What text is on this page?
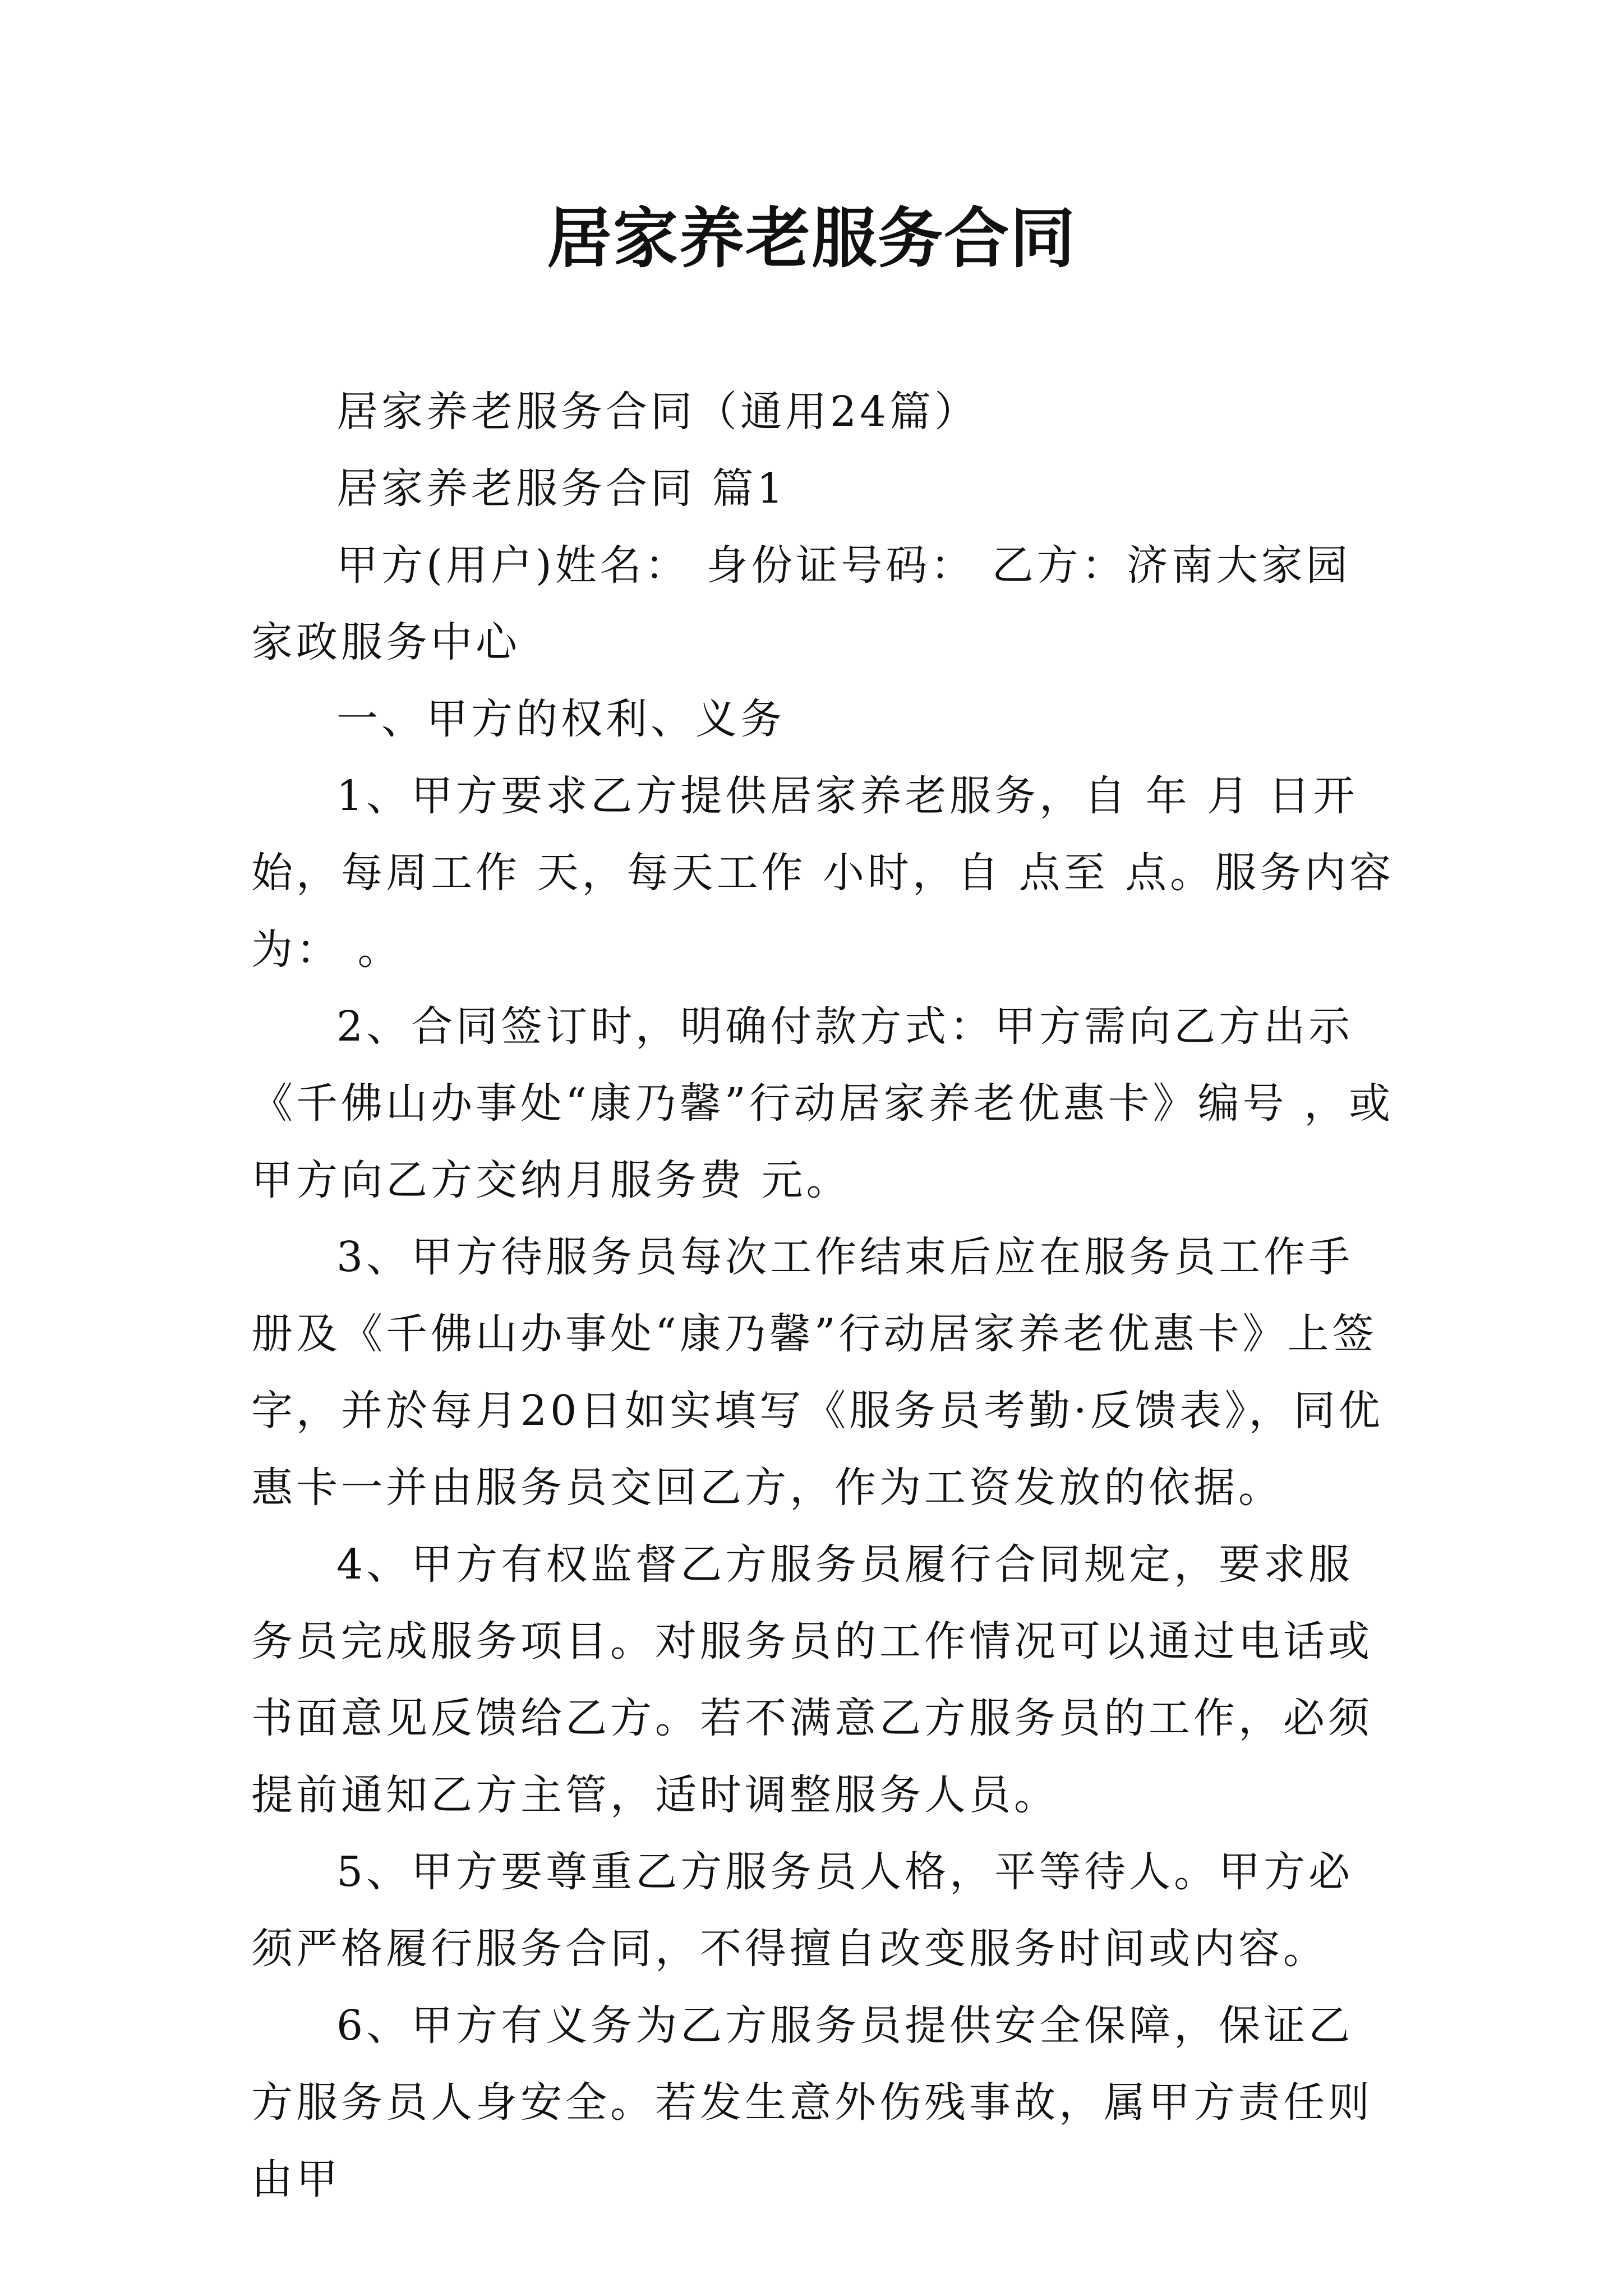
居家养老服务合同

居家养老服务合同（通用24篇）

居家养老服务合同 篇1

甲方(用户)姓名： 身份证号码： 乙方：济南大家园家政服务中心

一、甲方的权利、义务

1、甲方要求乙方提供居家养老服务，自 年 月 日开始，每周工作 天，每天工作 小时，自 点至 点。服务内容为： 。

2、合同签订时，明确付款方式：甲方需向乙方出示《千佛山办事处“康乃馨”行动居家养老优惠卡》编号 ，或甲方向乙方交纳月服务费 元。

3、甲方待服务员每次工作结束后应在服务员工作手册及《千佛山办事处“康乃馨”行动居家养老优惠卡》上签字，并於每月20日如实填写《服务员考勤·反馈表》，同优惠卡一并由服务员交回乙方，作为工资发放的依据。

4、甲方有权监督乙方服务员履行合同规定，要求服务员完成服务项目。对服务员的工作情况可以通过电话或书面意见反馈给乙方。若不满意乙方服务员的工作，必须提前通知乙方主管，适时调整服务人员。

5、甲方要尊重乙方服务员人格，平等待人。甲方必须严格履行服务合同，不得擅自改变服务时间或内容。

6、甲方有义务为乙方服务员提供安全保障，保证乙方服务员人身安全。若发生意外伤残事故，属甲方责任则由甲
